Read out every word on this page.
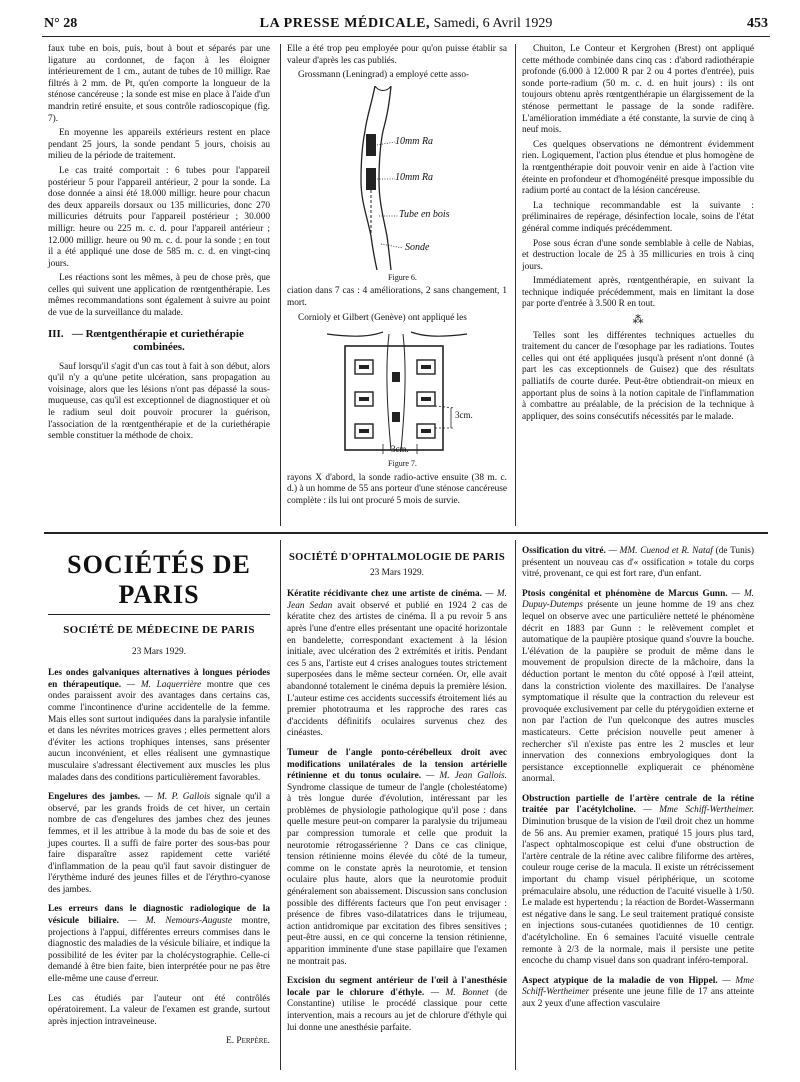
N° 28	LA PRESSE MÉDICALE, Samedi, 6 Avril 1929	453

faux tube en bois, puis, bout à bout et séparés par une ligature au cordonnet, de façon à les éloigner intérieurement de 1 cm., autant de tubes de 10 milligr. Rae filtrés à 2 mm. de Pt, qu'en comporte la longueur de la sténose cancéreuse ; la sonde est mise en place à l'aide d'un mandrin retiré ensuite, et sous contrôle radioscopique (fig. 7).

En moyenne les appareils extérieurs restent en place pendant 25 jours, la sonde pendant 5 jours, choisis au milieu de la période de traitement.

Le cas traité comportait : 6 tubes pour l'appareil postérieur 5 pour l'appareil antérieur, 2 pour la sonde. La dose donnée a ainsi été 18.000 milligr. heure pour chacun des deux appareils dorsaux ou 135 millicuries, donc 270 millicuries détruits pour l'appareil postérieur ; 30.000 milligr. heure ou 225 m. c. d. pour l'appareil antérieur ; 12.000 milligr. heure ou 90 m. c. d. pour la sonde ; en tout il a été appliqué une dose de 585 m. c. d. en vingt-cinq jours.

Les réactions sont les mêmes, à peu de chose près, que celles qui suivent une application de rœntgenthérapie. Les mêmes recommandations sont également à suivre au point de vue de la surveillance du malade.

III. — Rœntgenthérapie et curiethérapie
combinées.

Sauf lorsqu'il s'agit d'un cas tout à fait à son début, alors qu'il n'y a qu'une petite ulcération, sans propagation au voisinage, alors que les lésions n'ont pas dépassé la sous-muqueuse, cas qu'il est exceptionnel de diagnostiquer et où le radium seul doit pouvoir procurer la guérison, l'association de la rœntgenthérapie et de la curiethérapie semble constituer la méthode de choix.

Elle a été trop peu employée pour qu'on puisse établir sa valeur d'après les cas publiés.

Grossmann (Leningrad) a employé cette asso-

10mm Ra
10mm Ra
Tube en bois
Sonde

Figure 6.

ciation dans 7 cas : 4 améliorations, 2 sans changement, 1 mort.

Cornioly et Gilbert (Genève) ont appliqué les

3cm.
3cm.

Figure 7.

rayons X d'abord, la sonde radio-active ensuite (38 m. c. d.) à un homme de 55 ans porteur d'une sténose cancéreuse complète : ils lui ont procuré 5 mois de survie.

Chuiton, Le Conteur et Kergrohen (Brest) ont appliqué cette méthode combinée dans cinq cas : d'abord radiothérapie profonde (6.000 à 12.000 R par 2 ou 4 portes d'entrée), puis sonde porte-radium (50 m. c. d. en huit jours) : ils ont toujours obtenu après rœntgenthérapie un élargissement de la sténose permettant le passage de la sonde radifère. L'amélioration immédiate a été constante, la survie de cinq à neuf mois.

Ces quelques observations ne démontrent évidemment rien. Logiquement, l'action plus étendue et plus homogène de la rœntgenthérapie doit pouvoir venir en aide à l'action vite éteinte en profondeur et d'homogénéité presque impossible du radium porté au contact de la lésion cancéreuse.

La technique recommandable est la suivante : préliminaires de repérage, désinfection locale, soins de l'état général comme indiqués précédemment.

Pose sous écran d'une sonde semblable à celle de Nabias, et destruction locale de 25 à 35 millicuries en trois à cinq jours.

Immédiatement après, rœntgenthérapie, en suivant la technique indiquée précédemment, mais en limitant la dose par porte d'entrée à 3.500 R en tout.

⁂

Telles sont les différentes techniques actuelles du traitement du cancer de l'œsophage par les radiations. Toutes celles qui ont été appliquées jusqu'à présent n'ont donné (à part les cas exceptionnels de Guisez) que des résultats palliatifs de courte durée. Peut-être obtiendrait-on mieux en apportant plus de soins à la notion capitale de l'inflammation à combattre au préalable, de la précision de la technique à appliquer, des soins consécutifs nécessités par le malade.

SOCIÉTÉS DE PARIS
SOCIÉTÉ DE MÉDECINE DE PARIS
23 Mars 1929.

Les ondes galvaniques alternatives à longues périodes en thérapeutique. — M. Laquerrière montre que ces ondes paraissent avoir des avantages dans certains cas, comme l'incontinence d'urine accidentelle de la femme. Mais elles sont surtout indiquées dans la paralysie infantile et dans les névrites motrices graves ; elles permettent alors d'éviter les actions trophiques intenses, sans présenter aucun inconvénient, et elles réalisent une gymnastique musculaire s'adressant électivement aux muscles les plus malades dans des conditions particulièrement favorables.

Engelures des jambes. — M. P. Gallois signale qu'il a observé, par les grands froids de cet hiver, un certain nombre de cas d'engelures des jambes chez des jeunes femmes, et il les attribue à la mode du bas de soie et des jupes courtes. Il a suffi de faire porter des sous-bas pour faire disparaître assez rapidement cette variété d'inflammation de la peau qu'il faut savoir distinguer de l'érythème induré des jeunes filles et de l'érythro-cyanose des jambes.

Les erreurs dans le diagnostic radiologique de la vésicule biliaire. — M. Nemours-Auguste montre, projections à l'appui, différentes erreurs commises dans le diagnostic des maladies de la vésicule biliaire, et indique la possibilité de les éviter par la cholécystographie. Celle-ci demandé à être bien faite, bien interprétée pour ne pas être elle-même une cause d'erreur.

Les cas étudiés par l'auteur ont été contrôlés opératoirement. La valeur de l'examen est grande, surtout après injection intraveineuse.

E. Perpère.
SOCIÉTÉ D'OPHTALMOLOGIE DE PARIS
23 Mars 1929.

Kératite récidivante chez une artiste de cinéma. — M. Jean Sedan avait observé et publié en 1924 2 cas de kératite chez des artistes de cinéma. Il a pu revoir 5 ans après l'une d'entre elles présentant une opacité horizontale en bandelette, correspondant exactement à la lésion initiale, avec ulcération des 2 extrémités et iritis. Pendant ces 5 ans, l'artiste eut 4 crises analogues toutes strictement superposées dans le même secteur cornéen. Or, elle avait abandonné totalement le cinéma depuis la première lésion. L'auteur estime ces accidents successifs étroitement liés au premier phototrauma et les rapproche des rares cas d'accidents définitifs oculaires survenus chez des cinéastes.

Tumeur de l'angle ponto-cérébelleux droit avec modifications unilatérales de la tension artérielle rétinienne et du tonus oculaire. — M. Jean Gallois. Syndrome classique de tumeur de l'angle (cholestéatome) à très longue durée d'évolution, intéressant par les problèmes de physiologie pathologique qu'il pose : dans quelle mesure peut-on comparer la paralysie du trijumeau par compression tumorale et celle que produit la neurotomie rétrogassérienne ? Dans ce cas clinique, tension rétinienne moins élevée du côté de la tumeur, comme on le constate après la neurotomie, et tension oculaire plus haute, alors que la neurotomie produit généralement son abaissement. Discussion sans conclusion possible des différents facteurs que l'on peut envisager : présence de fibres vaso-dilatatrices dans le trijumeau, action antidromique par excitation des fibres sensitives ; peut-être aussi, en ce qui concerne la tension rétinienne, apparition imminente d'une stase papillaire que l'examen ne montrait pas.

Excision du segment antérieur de l'œil à l'anesthésie locale par le chlorure d'éthyle. — M. Bonnet (de Constantine) utilise le procédé classique pour cette intervention, mais a recours au jet de chlorure d'éthyle qui lui donne une anesthésie parfaite.

Ossification du vitré. — MM. Cuenod et R. Nataf (de Tunis) présentent un nouveau cas d'« ossification » totale du corps vitré, provenant, ce qui est fort rare, d'un enfant.

Ptosis congénital et phénomène de Marcus Gunn. — M. Dupuy-Dutemps présente un jeune homme de 19 ans chez lequel on observe avec une particulière netteté le phénomène décrit en 1883 par Gunn : le relèvement complet et automatique de la paupière ptosique quand s'ouvre la bouche. L'élévation de la paupière se produit de même dans le mouvement de propulsion directe de la mâchoire, dans la déduction portant le menton du côté opposé à l'œil atteint, dans la constriction violente des maxillaires. De l'analyse symptomatique il résulte que la contraction du releveur est provoquée exclusivement par celle du ptérygoïdien externe et non par l'action de l'un quelconque des autres muscles masticateurs. Cette précision nouvelle peut amener à rechercher s'il n'existe pas entre les 2 muscles et leur innervation des connexions embryologiques dont la persistance exceptionnelle expliquerait ce phénomène anormal.

Obstruction partielle de l'artère centrale de la rétine traitée par l'acétylcholine. — Mme Schiff-Wertheimer. Diminution brusque de la vision de l'œil droit chez un homme de 56 ans. Au premier examen, pratiqué 15 jours plus tard, l'aspect ophtalmoscopique est celui d'une obstruction de l'artère centrale de la rétine avec calibre filiforme des artères, couleur rouge cerise de la macula. Il existe un rétrécissement important du champ visuel périphérique, un scotome prémaculaire absolu, une réduction de l'acuité visuelle à 1/50. Le malade est hypertendu ; la réaction de Bordet-Wassermann est négative dans le sang. Le seul traitement pratiqué consiste en injections sous-cutanées quotidiennes de 10 centigr. d'acétylcholine. En 6 semaines l'acuité visuelle centrale remonte à 2/3 de la normale, mais il persiste une petite encoche du champ visuel dans son quadrant inféro-temporal.

Aspect atypique de la maladie de von Hippel. — Mme Schiff-Wertheimer présente une jeune fille de 17 ans atteinte aux 2 yeux d'une affection vasculaire
